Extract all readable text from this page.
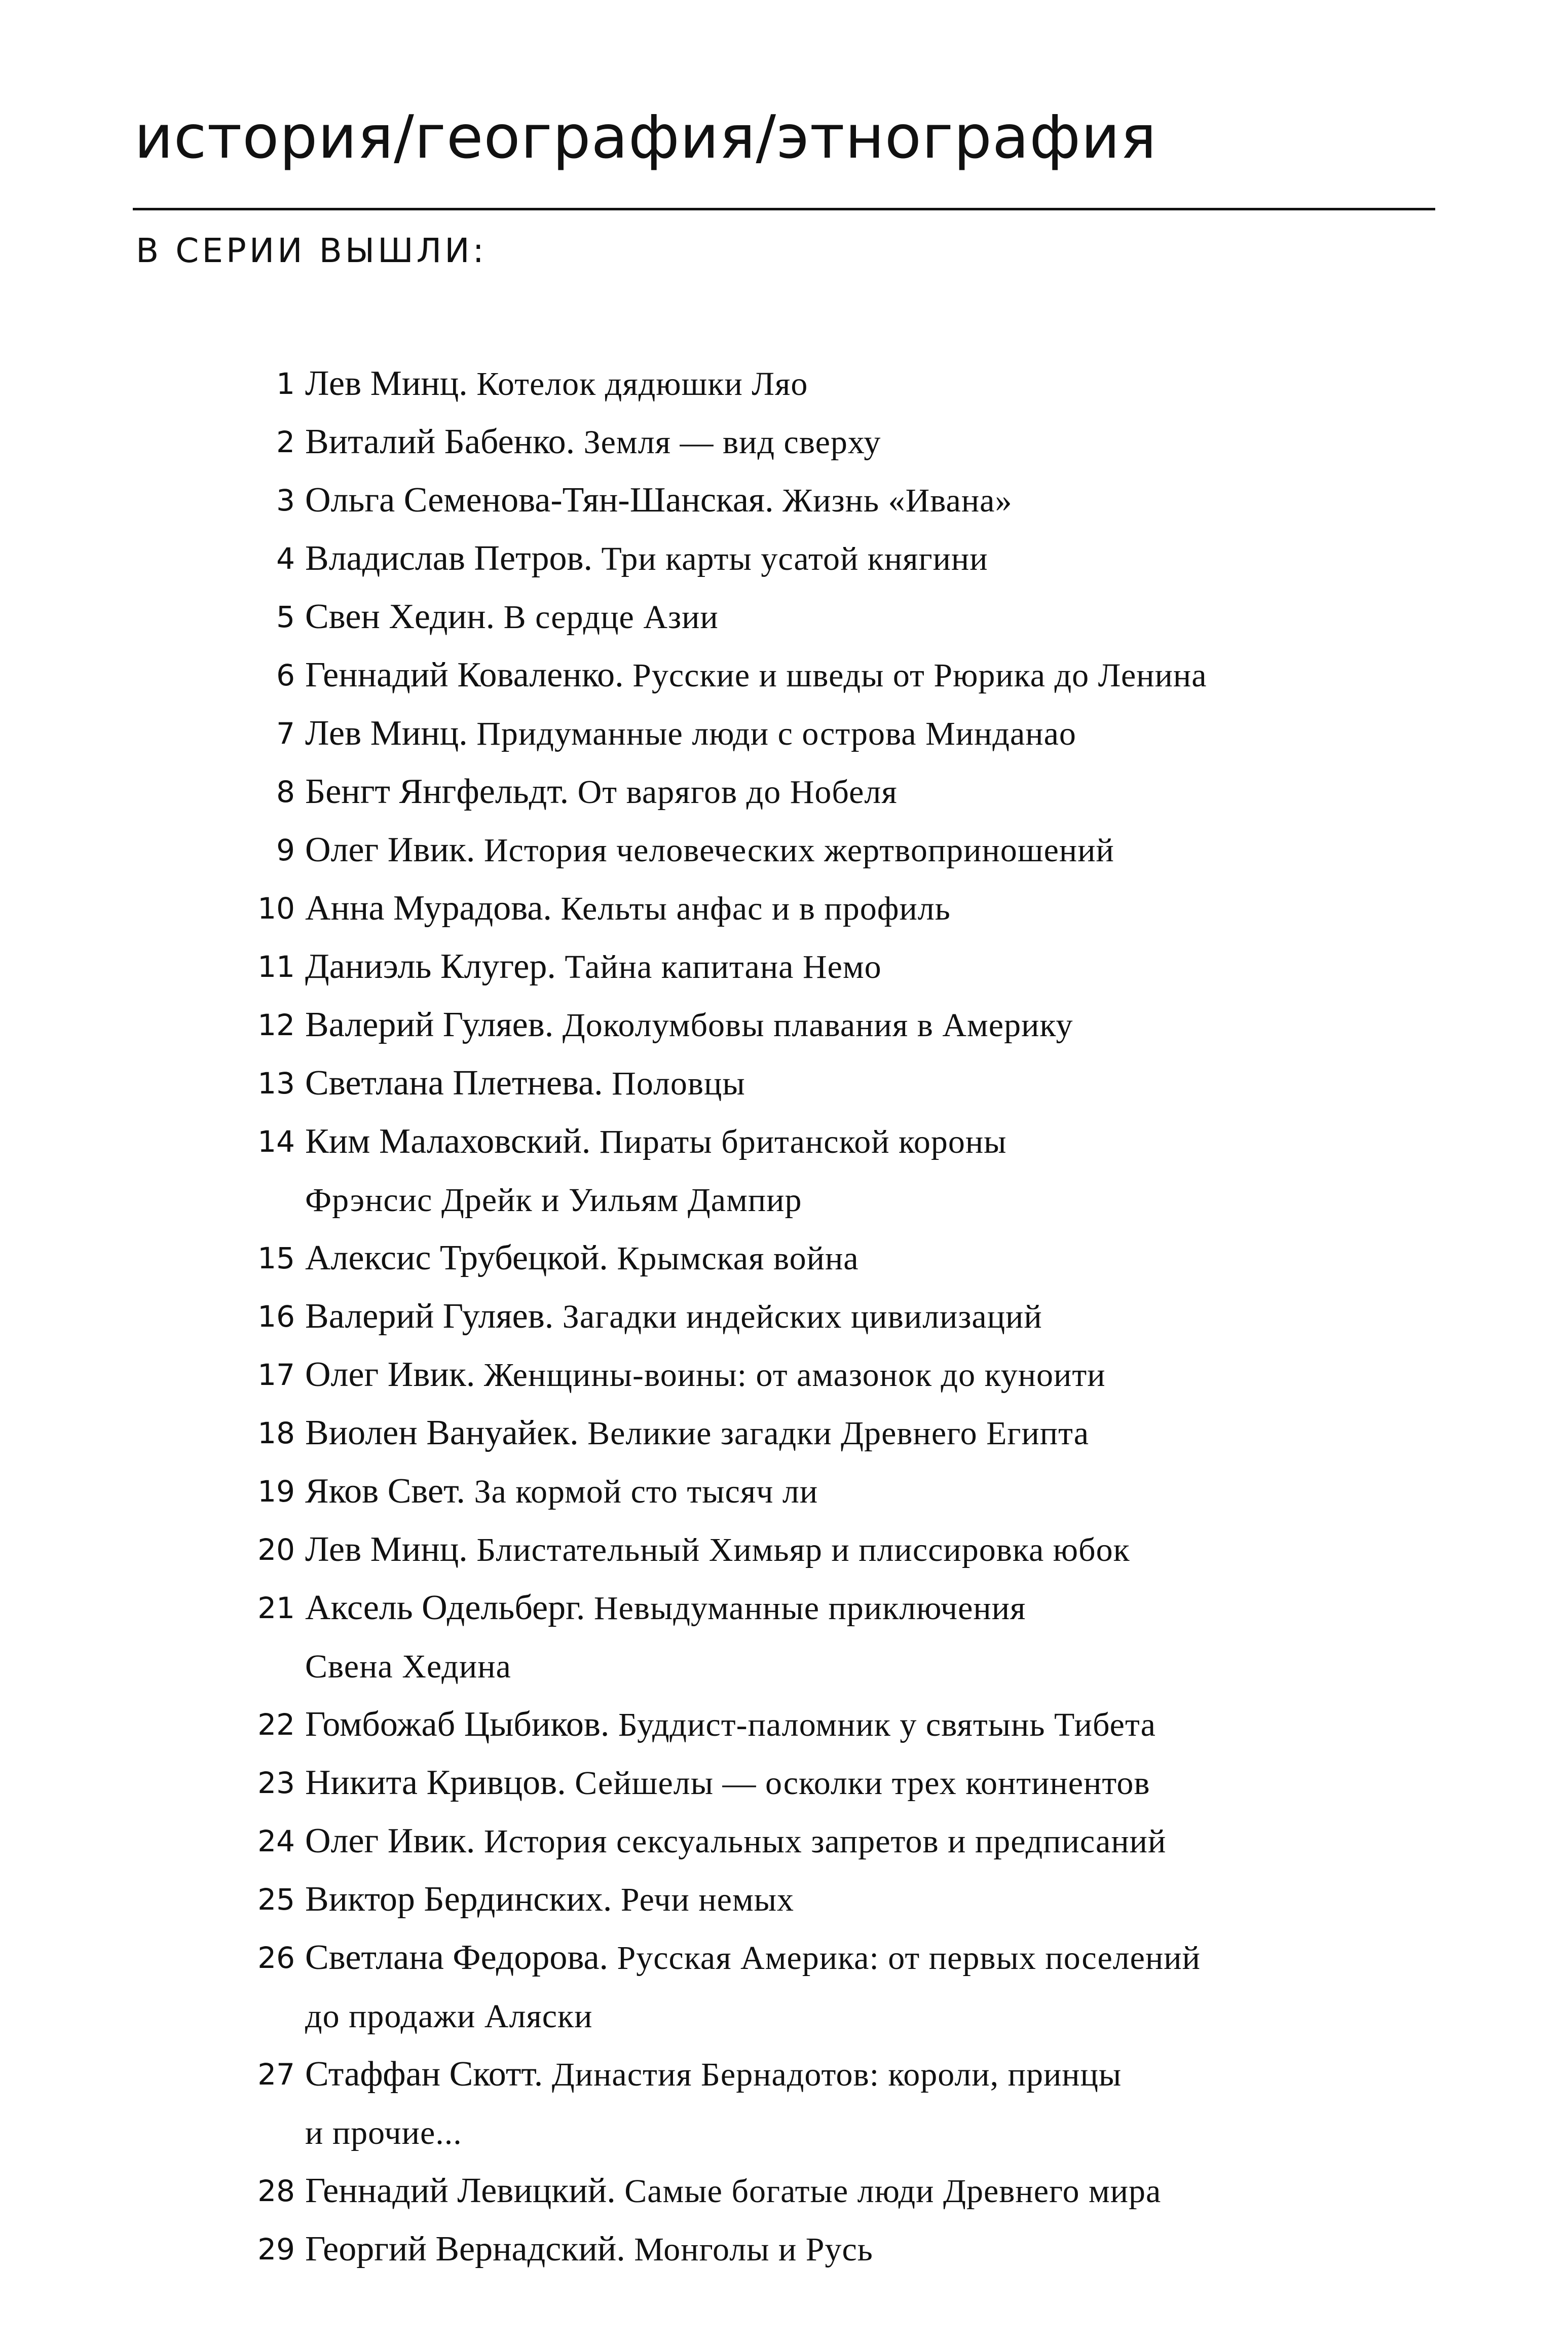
история/география/этнография
В СЕРИИ ВЫШЛИ:
1 Лев Минц. Котелок дядюшки Ляо
2 Виталий Бабенко. Земля — вид сверху
3 Ольга Семенова-Тян-Шанская. Жизнь «Ивана»
4 Владислав Петров. Три карты усатой княгини
5 Свен Хедин. В сердце Азии
6 Геннадий Коваленко. Русские и шведы от Рюрика до Ленина
7 Лев Минц. Придуманные люди с острова Минданао
8 Бенгт Янгфельдт. От варягов до Нобеля
9 Олег Ивик. История человеческих жертвоприношений
10 Анна Мурадова. Кельты анфас и в профиль
11 Даниэль Клугер. Тайна капитана Немо
12 Валерий Гуляев. Доколумбовы плавания в Америку
13 Светлана Плетнева. Половцы
14 Ким Малаховский. Пираты британской короны
Фрэнсис Дрейк и Уильям Дампир
15 Алексис Трубецкой. Крымская война
16 Валерий Гуляев. Загадки индейских цивилизаций
17 Олег Ивик. Женщины-воины: от амазонок до куноити
18 Виолен Вануайек. Великие загадки Древнего Египта
19 Яков Свет. За кормой сто тысяч ли
20 Лев Минц. Блистательный Химьяр и плиссировка юбок
21 Аксель Одельберг. Невыдуманные приключения
Свена Хедина
22 Гомбожаб Цыбиков. Буддист-паломник у святынь Тибета
23 Никита Кривцов. Сейшелы — осколки трех континентов
24 Олег Ивик. История сексуальных запретов и предписаний
25 Виктор Бердинских. Речи немых
26 Светлана Федорова. Русская Америка: от первых поселений
до продажи Аляски
27 Стаффан Скотт. Династия Бернадотов: короли, принцы
и прочие...
28 Геннадий Левицкий. Самые богатые люди Древнего мира
29 Георгий Вернадский. Монголы и Русь
